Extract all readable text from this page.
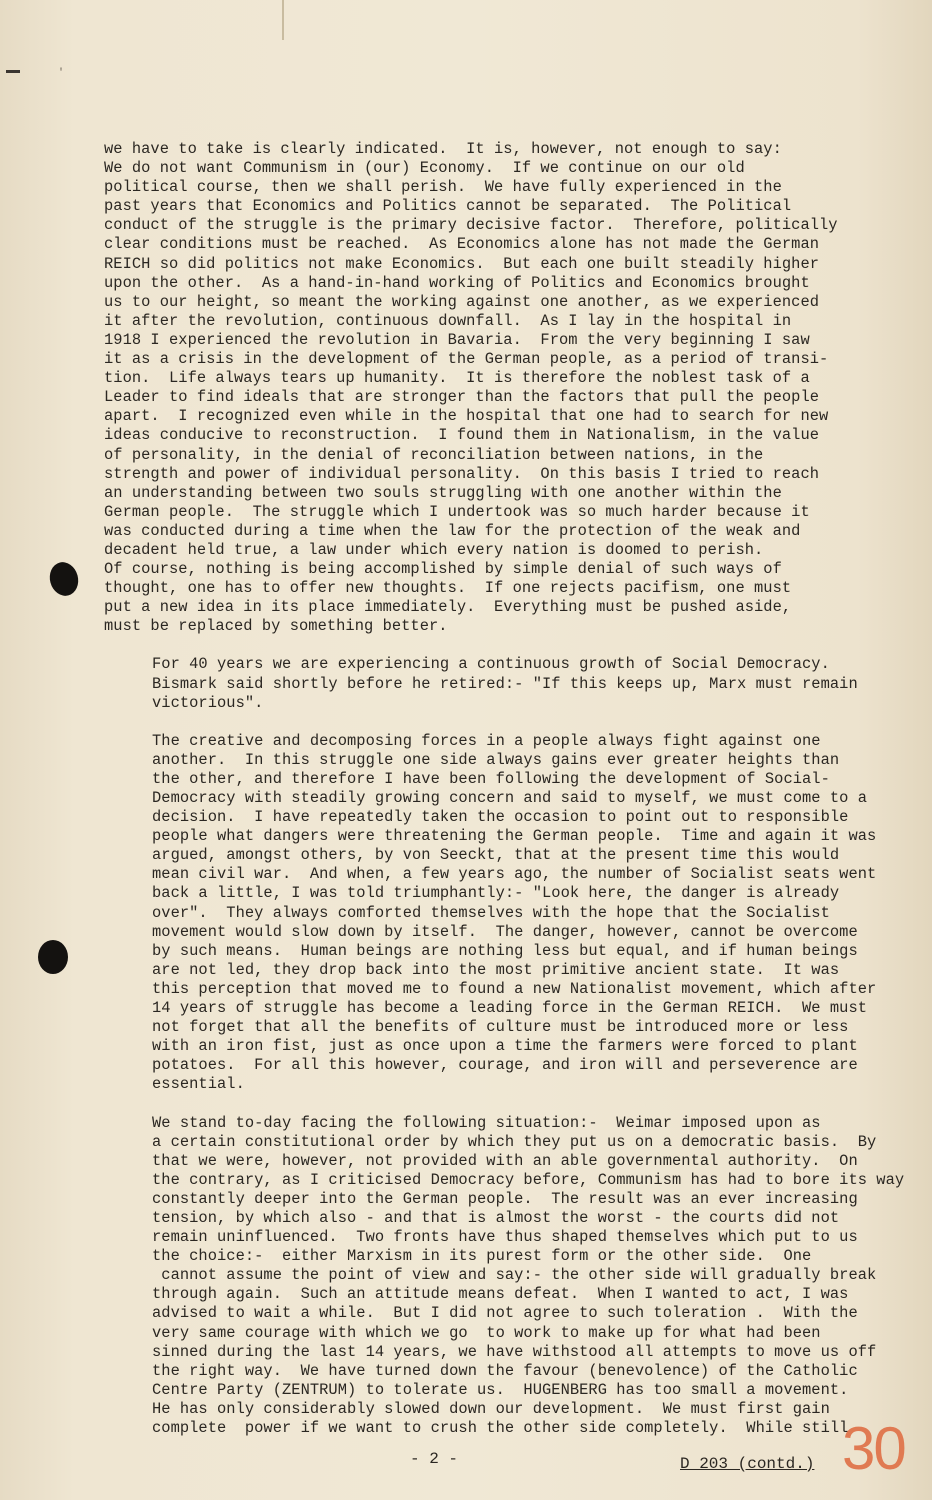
'
we have to take is clearly indicated.  It is, however, not enough to say:
We do not want Communism in (our) Economy.  If we continue on our old
political course, then we shall perish.  We have fully experienced in the
past years that Economics and Politics cannot be separated.  The Political
conduct of the struggle is the primary decisive factor.  Therefore, politically
clear conditions must be reached.  As Economics alone has not made the German
REICH so did politics not make Economics.  But each one built steadily higher
upon the other.  As a hand-in-hand working of Politics and Economics brought
us to our height, so meant the working against one another, as we experienced
it after the revolution, continuous downfall.  As I lay in the hospital in
1918 I experienced the revolution in Bavaria.  From the very beginning I saw
it as a crisis in the development of the German people, as a period of transi-
tion.  Life always tears up humanity.  It is therefore the noblest task of a
Leader to find ideals that are stronger than the factors that pull the people
apart.  I recognized even while in the hospital that one had to search for new
ideas conducive to reconstruction.  I found them in Nationalism, in the value
of personality, in the denial of reconciliation between nations, in the
strength and power of individual personality.  On this basis I tried to reach
an understanding between two souls struggling with one another within the
German people.  The struggle which I undertook was so much harder because it
was conducted during a time when the law for the protection of the weak and
decadent held true, a law under which every nation is doomed to perish.
Of course, nothing is being accomplished by simple denial of such ways of
thought, one has to offer new thoughts.  If one rejects pacifism, one must
put a new idea in its place immediately.  Everything must be pushed aside,
must be replaced by something better.
For 40 years we are experiencing a continuous growth of Social Democracy.
Bismark said shortly before he retired:- "If this keeps up, Marx must remain
victorious".
The creative and decomposing forces in a people always fight against one
another.  In this struggle one side always gains ever greater heights than
the other, and therefore I have been following the development of Social-
Democracy with steadily growing concern and said to myself, we must come to a
decision.  I have repeatedly taken the occasion to point out to responsible
people what dangers were threatening the German people.  Time and again it was
argued, amongst others, by von Seeckt, that at the present time this would
mean civil war.  And when, a few years ago, the number of Socialist seats went
back a little, I was told triumphantly:- "Look here, the danger is already
over".  They always comforted themselves with the hope that the Socialist
movement would slow down by itself.  The danger, however, cannot be overcome
by such means.  Human beings are nothing less but equal, and if human beings
are not led, they drop back into the most primitive ancient state.  It was
this perception that moved me to found a new Nationalist movement, which after
14 years of struggle has become a leading force in the German REICH.  We must
not forget that all the benefits of culture must be introduced more or less
with an iron fist, just as once upon a time the farmers were forced to plant
potatoes.  For all this however, courage, and iron will and perseverence are
essential.
We stand to-day facing the following situation:-  Weimar imposed upon as
a certain constitutional order by which they put us on a democratic basis.  By
that we were, however, not provided with an able governmental authority.  On
the contrary, as I criticised Democracy before, Communism has had to bore its way
constantly deeper into the German people.  The result was an ever increasing
tension, by which also - and that is almost the worst - the courts did not
remain uninfluenced.  Two fronts have thus shaped themselves which put to us
the choice:-  either Marxism in its purest form or the other side.  One
cannot assume the point of view and say:- the other side will gradually break
through again.  Such an attitude means defeat.  When I wanted to act, I was
advised to wait a while.  But I did not agree to such toleration .  With the
very same courage with which we go  to work to make up for what had been
sinned during the last 14 years, we have withstood all attempts to move us off
the right way.  We have turned down the favour (benevolence) of the Catholic
Centre Party (ZENTRUM) to tolerate us.  HUGENBERG has too small a movement.
He has only considerably slowed down our development.  We must first gain
complete  power if we want to crush the other side completely.  While still
- 2 -	D 203 (contd.) 30
